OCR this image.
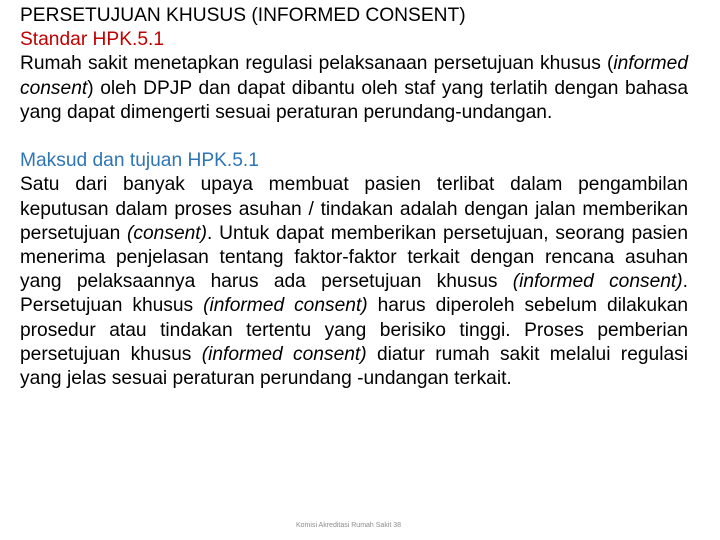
PERSETUJUAN KHUSUS (INFORMED CONSENT)

Standar HPK.5.1

Rumah sakit menetapkan regulasi pelaksanaan persetujuan khusus (informed consent) oleh DPJP dan dapat dibantu oleh staf yang terlatih dengan bahasa yang dapat dimengerti sesuai peraturan perundang-undangan.

Maksud dan tujuan HPK.5.1

Satu dari banyak upaya membuat pasien terlibat dalam pengambilan keputusan dalam proses asuhan / tindakan adalah dengan jalan memberikan persetujuan (consent). Untuk dapat memberikan persetujuan, seorang pasien menerima penjelasan tentang faktor-faktor terkait dengan rencana asuhan yang pelaksaannya harus ada persetujuan khusus (informed consent). Persetujuan khusus (informed consent) harus diperoleh sebelum dilakukan prosedur atau tindakan tertentu yang berisiko tinggi. Proses pemberian persetujuan khusus (informed consent) diatur rumah sakit melalui regulasi yang jelas sesuai peraturan perundang -undangan terkait.

Komisi Akreditasi Rumah Sakit 38
